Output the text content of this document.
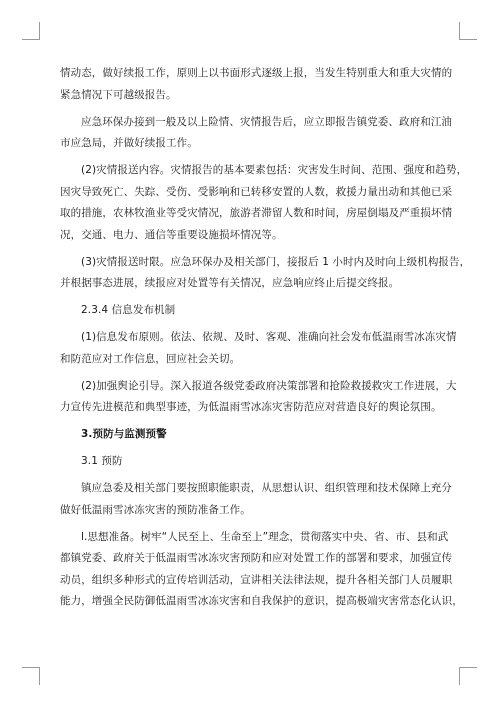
情动态，做好续报工作，原则上以书面形式逐级上报，当发生特别重大和重大灾情的
紧急情况下可越级报告。
应急环保办接到一般及以上险情、灾情报告后，应立即报告镇党委、政府和江油
市应急局，并做好续报工作。
(2)灾情报送内容。灾情报告的基本要素包括：灾害发生时间、范围、强度和趋势，
因灾导致死亡、失踪、受伤、受影响和已转移安置的人数，救援力量出动和其他已采
取的措施，农林牧渔业等受灾情况，旅游者滞留人数和时间，房屋倒塌及严重损坏情
况，交通、电力、通信等重要设施损坏情况等。
(3)灾情报送时限。应急环保办及相关部门，接报后 1 小时内及时向上级机构报告，
并根据事态进展，续报应对处置等有关情况，应急响应终止后提交终报。
2.3.4 信息发布机制
(1)信息发布原则。依法、依规、及时、客观、准确向社会发布低温雨雪冰冻灾情
和防范应对工作信息，回应社会关切。
(2)加强舆论引导。深入报道各级党委政府决策部署和抢险救援救灾工作进展，大
力宣传先进模范和典型事迹，为低温雨雪冰冻灾害防范应对营造良好的舆论氛围。
3.预防与监测预警
3.1 预防
镇应急委及相关部门要按照职能职责，从思想认识、组织管理和技术保障上充分
做好低温雨雪冰冻灾害的预防准备工作。
l.思想准备。树牢“人民至上、生命至上”理念，贯彻落实中央、省、市、县和武
都镇党委、政府关于低温雨雪冰冻灾害预防和应对处置工作的部署和要求，加强宣传
动员，组织多种形式的宣传培训活动，宣讲相关法律法规，提升各相关部门人员履职
能力，增强全民防御低温雨雪冰冻灾害和自我保护的意识，提高极端灾害常态化认识，
